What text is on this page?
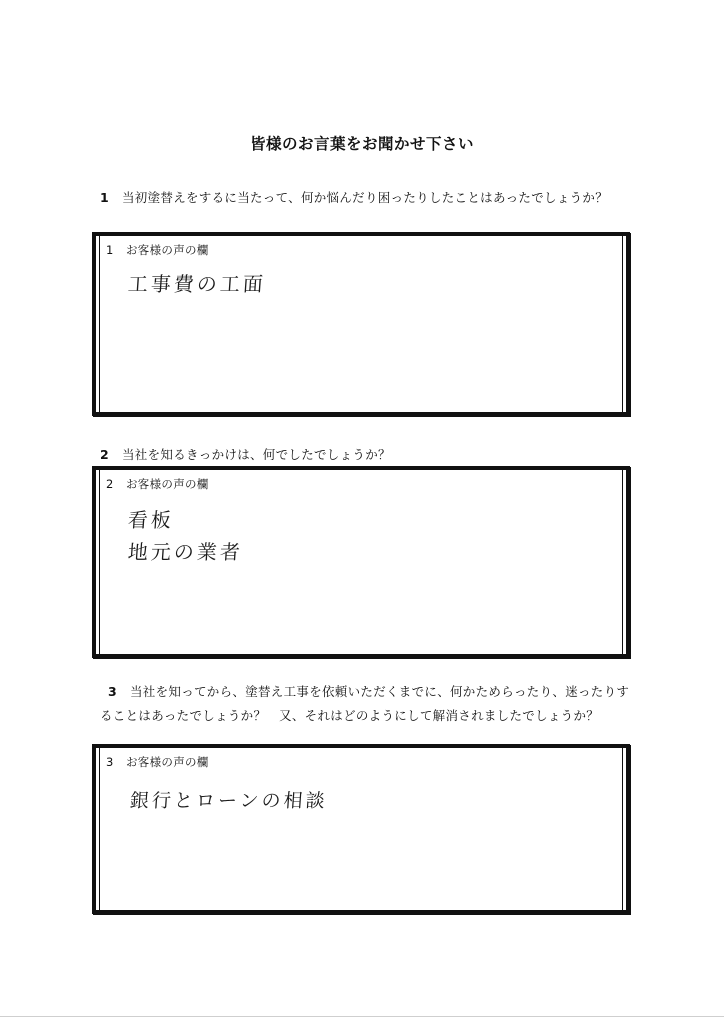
皆様のお言葉をお聞かせ下さい
1 当初塗替えをするに当たって、何か悩んだり困ったりしたことはあったでしょうか？
1 お客様の声の欄
工事費の工面
2 当社を知るきっかけは、何でしたでしょうか？
2 お客様の声の欄
看板
地元の業者
3 当社を知ってから、塗替え工事を依頼いただくまでに、何かためらったり、迷ったりすることはあったでしょうか？　又、それはどのようにして解消されましたでしょうか？
3 お客様の声の欄
銀行とローンの相談
